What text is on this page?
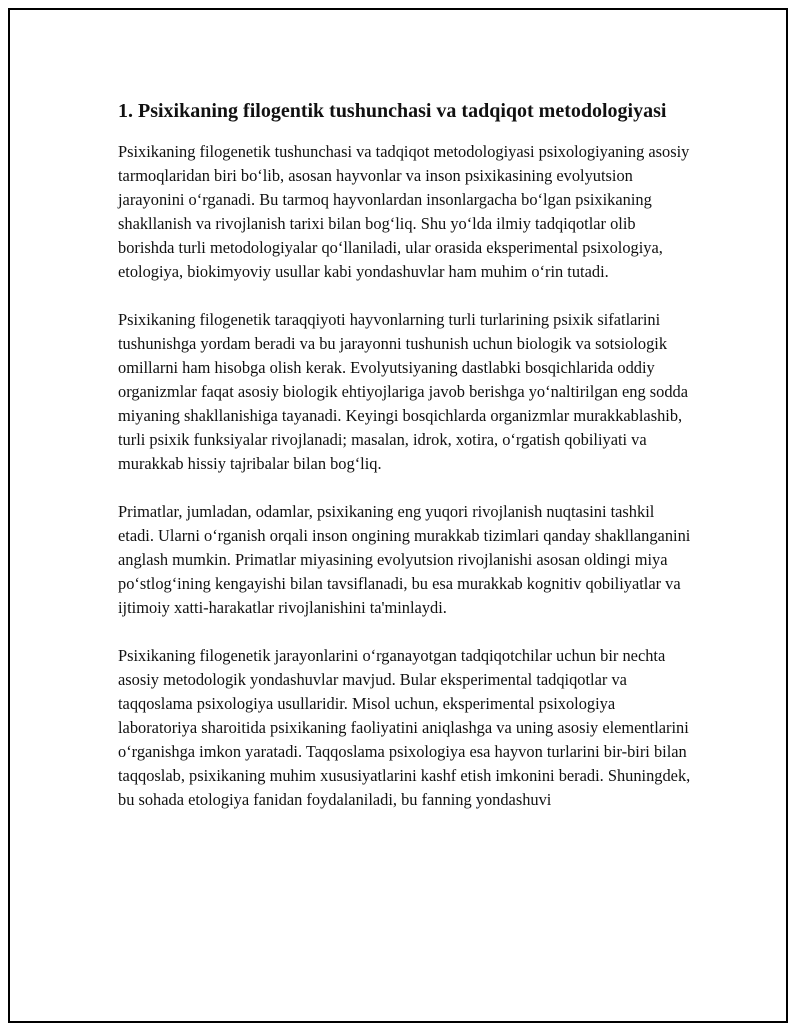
1. Psixikaning filogentik tushunchasi va tadqiqot metodologiyasi

Psixikaning filogenetik tushunchasi va tadqiqot metodologiyasi psixologiyaning asosiy tarmoqlaridan biri bo‘lib, asosan hayvonlar va inson psixikasining evolyutsion jarayonini o‘rganadi. Bu tarmoq hayvonlardan insonlargacha bo‘lgan psixikaning shakllanish va rivojlanish tarixi bilan bog‘liq. Shu yo‘lda ilmiy tadqiqotlar olib borishda turli metodologiyalar qo‘llaniladi, ular orasida eksperimental psixologiya, etologiya, biokimyoviy usullar kabi yondashuvlar ham muhim o‘rin tutadi.

Psixikaning filogenetik taraqqiyoti hayvonlarning turli turlarining psixik sifatlarini tushunishga yordam beradi va bu jarayonni tushunish uchun biologik va sotsiologik omillarni ham hisobga olish kerak. Evolyutsiyaning dastlabki bosqichlarida oddiy organizmlar faqat asosiy biologik ehtiyojlariga javob berishga yo‘naltirilgan eng sodda miyaning shakllanishiga tayanadi. Keyingi bosqichlarda organizmlar murakkablashib, turli psixik funksiyalar rivojlanadi; masalan, idrok, xotira, o‘rgatish qobiliyati va murakkab hissiy tajribalar bilan bog‘liq.

Primatlar, jumladan, odamlar, psixikaning eng yuqori rivojlanish nuqtasini tashkil etadi. Ularni o‘rganish orqali inson ongining murakkab tizimlari qanday shakllanganini anglash mumkin. Primatlar miyasining evolyutsion rivojlanishi asosan oldingi miya po‘stlog‘ining kengayishi bilan tavsiflanadi, bu esa murakkab kognitiv qobiliyatlar va ijtimoiy xatti-harakatlar rivojlanishini ta'minlaydi.

Psixikaning filogenetik jarayonlarini o‘rganayotgan tadqiqotchilar uchun bir nechta asosiy metodologik yondashuvlar mavjud. Bular eksperimental tadqiqotlar va taqqoslama psixologiya usullaridir. Misol uchun, eksperimental psixologiya laboratoriya sharoitida psixikaning faoliyatini aniqlashga va uning asosiy elementlarini o‘rganishga imkon yaratadi. Taqqoslama psixologiya esa hayvon turlarini bir-biri bilan taqqoslab, psixikaning muhim xususiyatlarini kashf etish imkonini beradi. Shuningdek, bu sohada etologiya fanidan foydalaniladi, bu fanning yondashuvi
